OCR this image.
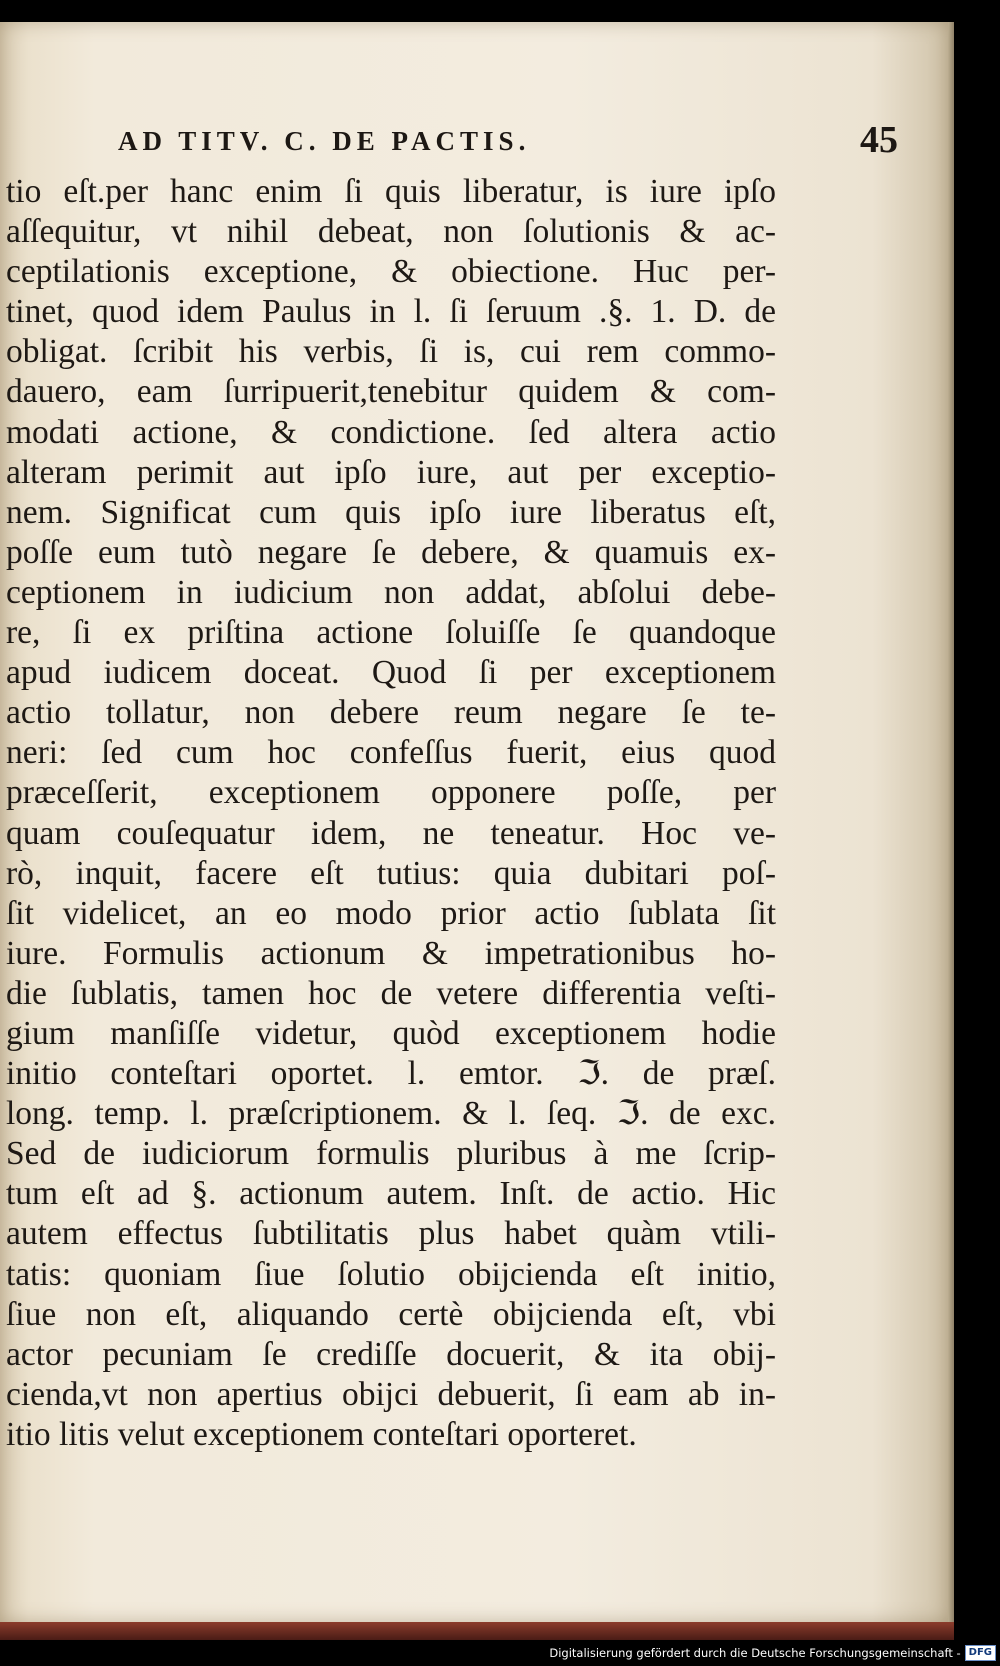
AD TITV. C. DE PACTIS.	45
tio eſt.per hanc enim ſi quis liberatur, is iure ipſo
aſſequitur, vt nihil debeat, non ſolutionis & ac-
ceptilationis exceptione, & obiectione. Huc per-
tinet, quod idem Paulus in l. ſi ſeruum .§. 1. D. de
obligat. ſcribit his verbis, ſi is, cui rem commo-
dauero, eam ſurripuerit,tenebitur quidem & com-
modati actione, & condictione. ſed altera actio
alteram perimit aut ipſo iure, aut per exceptio-
nem. Significat cum quis ipſo iure liberatus eſt,
poſſe eum tutò negare ſe debere, & quamuis ex-
ceptionem in iudicium non addat, abſolui debe-
re, ſi ex priſtina actione ſoluiſſe ſe quandoque
apud iudicem doceat. Quod ſi per exceptionem
actio tollatur, non debere reum negare ſe te-
neri: ſed cum hoc confeſſus fuerit, eius quod
præceſſerit, exceptionem opponere poſſe, per
quam couſequatur idem, ne teneatur. Hoc ve-
rò, inquit, facere eſt tutius: quia dubitari poſ-
ſit videlicet, an eo modo prior actio ſublata ſit
iure. Formulis actionum & impetrationibus ho-
die ſublatis, tamen hoc de vetere differentia veſti-
gium manſiſſe videtur, quòd exceptionem hodie
initio conteſtari oportet. l. emtor. ℑ. de præſ.
long. temp. l. præſcriptionem. & l. ſeq. ℑ. de exc.
Sed de iudiciorum formulis pluribus à me ſcrip-
tum eſt ad §. actionum autem. Inſt. de actio. Hic
autem effectus ſubtilitatis plus habet quàm vtili-
tatis: quoniam ſiue ſolutio obijcienda eſt initio,
ſiue non eſt, aliquando certè obijcienda eſt, vbi
actor pecuniam ſe crediſſe docuerit, & ita obij-
cienda,vt non apertius obijci debuerit, ſi eam ab in-
itio litis velut exceptionem conteſtari oporteret.
Digitalisierung gefördert durch die Deutsche Forschungsgemeinschaft - DFG
